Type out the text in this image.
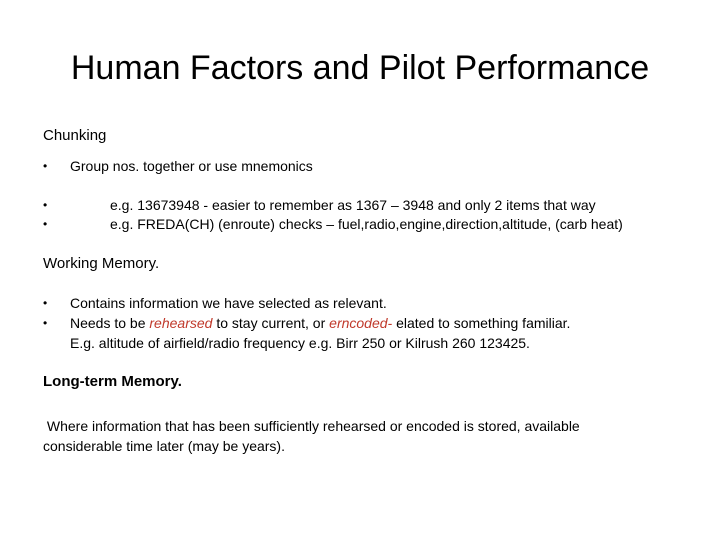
Human Factors and Pilot Performance
Chunking
• Group nos. together or use mnemonics
•	e.g. 13673948 - easier to remember as 1367 – 3948 and only 2 items that way
•	e.g. FREDA(CH) (enroute) checks – fuel,radio,engine,direction,altitude, (carb heat)
Working Memory.
• Contains information we have selected as relevant.
• Needs to be rehearsed to stay current, or erncoded- elated to something familiar.
E.g. altitude of airfield/radio frequency e.g. Birr 250 or Kilrush 260 123425.
Long-term Memory.
Where information that has been sufficiently rehearsed or encoded is stored, available
considerable time later (may be years).
